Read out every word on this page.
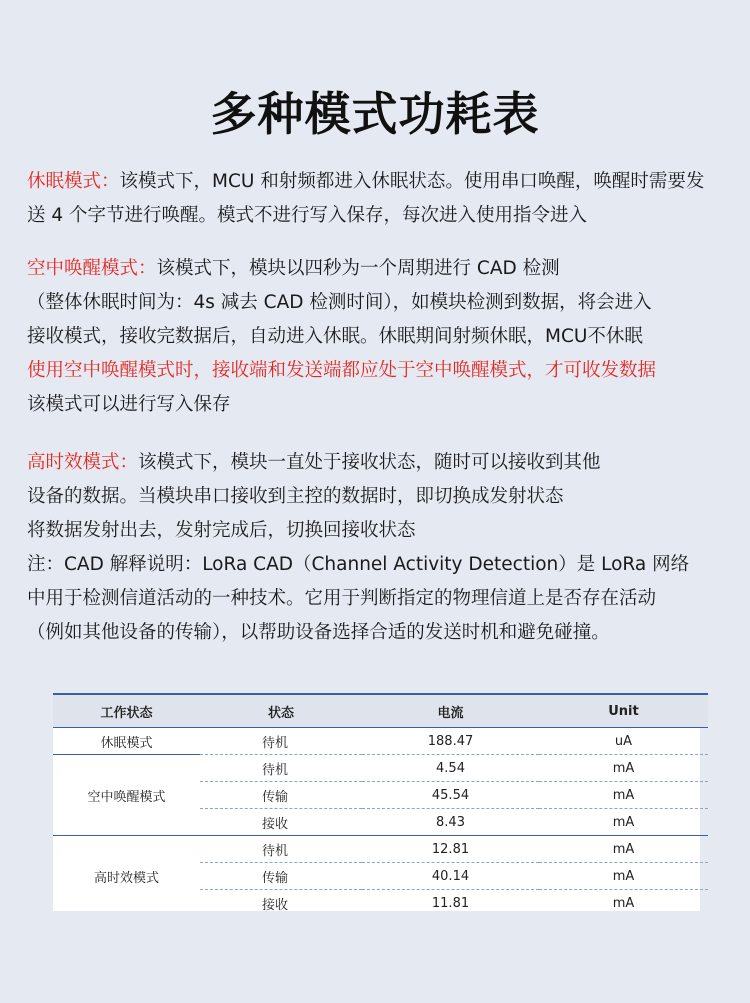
多种模式功耗表
休眠模式：该模式下，MCU 和射频都进入休眠状态。使用串口唤醒，唤醒时需要发
送 4 个字节进行唤醒。模式不进行写入保存，每次进入使用指令进入
空中唤醒模式：该模式下，模块以四秒为一个周期进行 CAD 检测
（整体休眠时间为：4s 减去 CAD 检测时间），如模块检测到数据，将会进入
接收模式，接收完数据后，自动进入休眠。休眠期间射频休眠，MCU不休眠
使用空中唤醒模式时，接收端和发送端都应处于空中唤醒模式，才可收发数据
该模式可以进行写入保存
高时效模式：该模式下，模块一直处于接收状态，随时可以接收到其他
设备的数据。当模块串口接收到主控的数据时，即切换成发射状态
将数据发射出去，发射完成后，切换回接收状态
注：CAD 解释说明：LoRa CAD（Channel Activity Detection）是 LoRa 网络
中用于检测信道活动的一种技术。它用于判断指定的物理信道上是否存在活动
（例如其他设备的传输），以帮助设备选择合适的发送时机和避免碰撞。
工作状态	状态	电流	Unit
休眠模式	待机	188.47	uA
空中唤醒模式	待机	4.54	mA
	传输	45.54	mA
	接收	8.43	mA
高时效模式	待机	12.81	mA
	传输	40.14	mA
	接收	11.81	mA
